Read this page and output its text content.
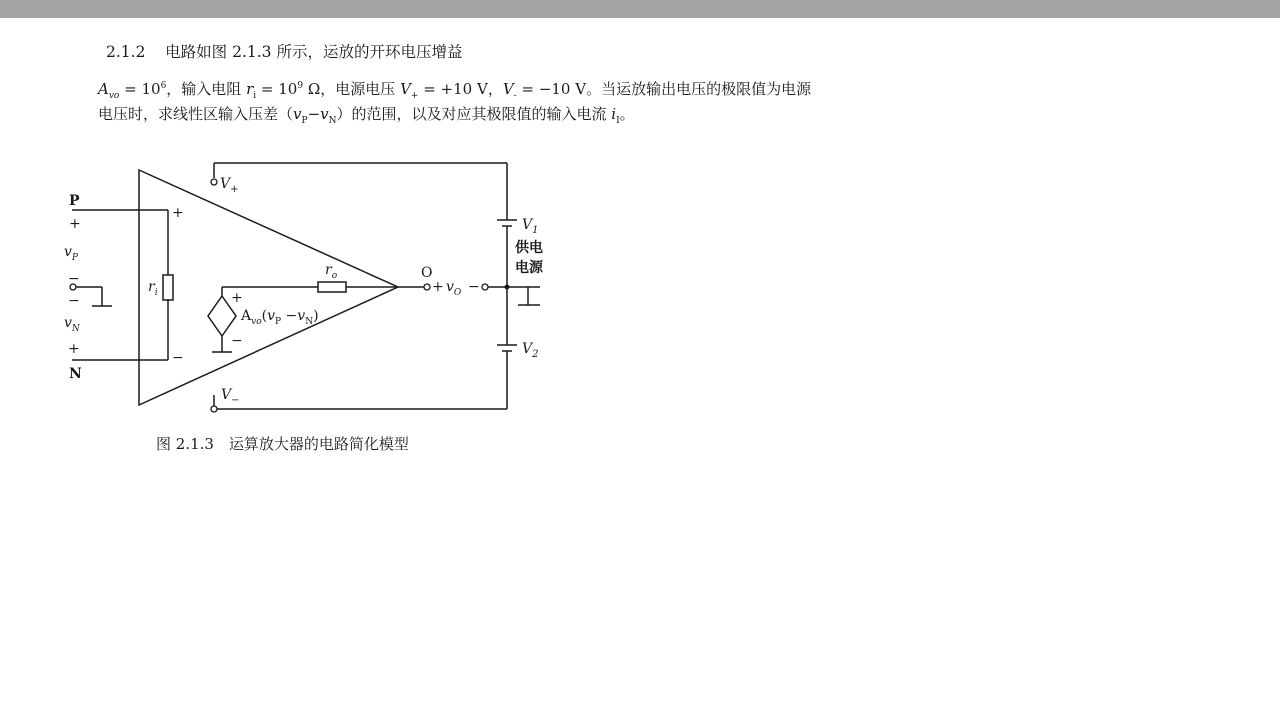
2.1.2 电路如图 2.1.3 所示，运放的开环电压增益
$A_{vo} = 10^6$，输入电阻 $r_i = 10^9$ Ω，电源电压 $V_+ = +10$ V，$V_- = -10$ V。当运放输出电压的极限值为电源
电压时，求线性区输入压差$(v_P-v_N)$的范围，以及对应其极限值的输入电流 $i_I$。
P
+
$v_P$
−
−
$v_N$
+
N
+
−
$r_i$
$r_o$
+
−
$A_{vo}(v_P -v_N)$
O
+ $v_O$ −
$V_+$
$V_-$
$V_1$
$V_2$
供电
电源
图 2.1.3　运算放大器的电路简化模型
